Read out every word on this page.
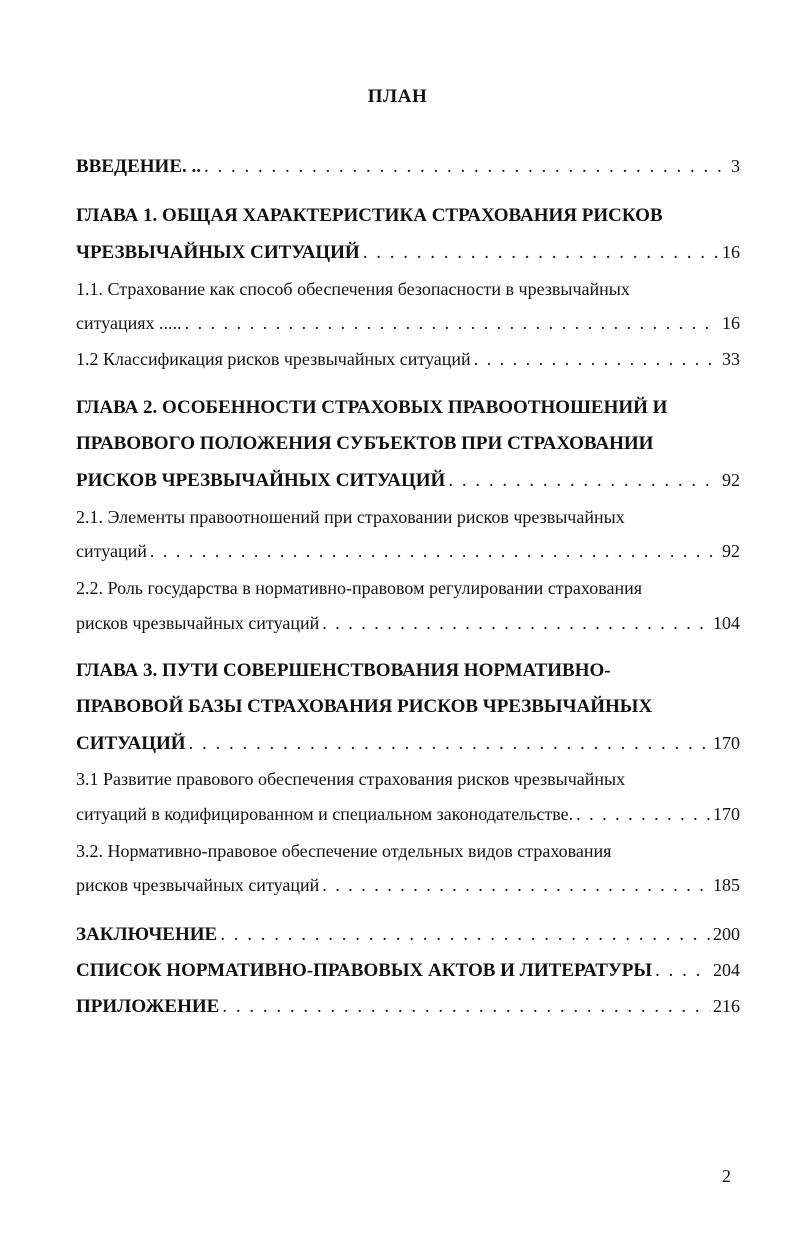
ПЛАН
ВВЕДЕНИЕ. .. . . .	3
ГЛАВА 1. ОБЩАЯ ХАРАКТЕРИСТИКА СТРАХОВАНИЯ РИСКОВ
ЧРЕЗВЫЧАЙНЫХ СИТУАЦИЙ . . .	16
1.1. Страхование как способ обеспечения безопасности в чрезвычайных
ситуациях ..... . . .	16
1.2 Классификация рисков чрезвычайных ситуаций . . .	33
ГЛАВА 2. ОСОБЕННОСТИ СТРАХОВЫХ ПРАВООТНОШЕНИЙ И
ПРАВОВОГО ПОЛОЖЕНИЯ СУБЪЕКТОВ ПРИ СТРАХОВАНИИ
РИСКОВ ЧРЕЗВЫЧАЙНЫХ СИТУАЦИЙ . . .	92
2.1. Элементы правоотношений при страховании рисков чрезвычайных
ситуаций . . .	92
2.2. Роль государства в нормативно-правовом регулировании страхования
рисков чрезвычайных ситуаций . . .	104
ГЛАВА 3. ПУТИ СОВЕРШЕНСТВОВАНИЯ НОРМАТИВНО-
ПРАВОВОЙ БАЗЫ СТРАХОВАНИЯ РИСКОВ ЧРЕЗВЫЧАЙНЫХ
СИТУАЦИЙ . . .	170
3.1 Развитие правового обеспечения страхования рисков чрезвычайных
ситуаций в кодифицированном и специальном законодательстве. . . .	170
3.2. Нормативно-правовое обеспечение отдельных видов страхования
рисков чрезвычайных ситуаций . . .	185
ЗАКЛЮЧЕНИЕ . . .	200
СПИСОК НОРМАТИВНО-ПРАВОВЫХ АКТОВ И ЛИТЕРАТУРЫ . . .	204
ПРИЛОЖЕНИЕ . . .	216
2
